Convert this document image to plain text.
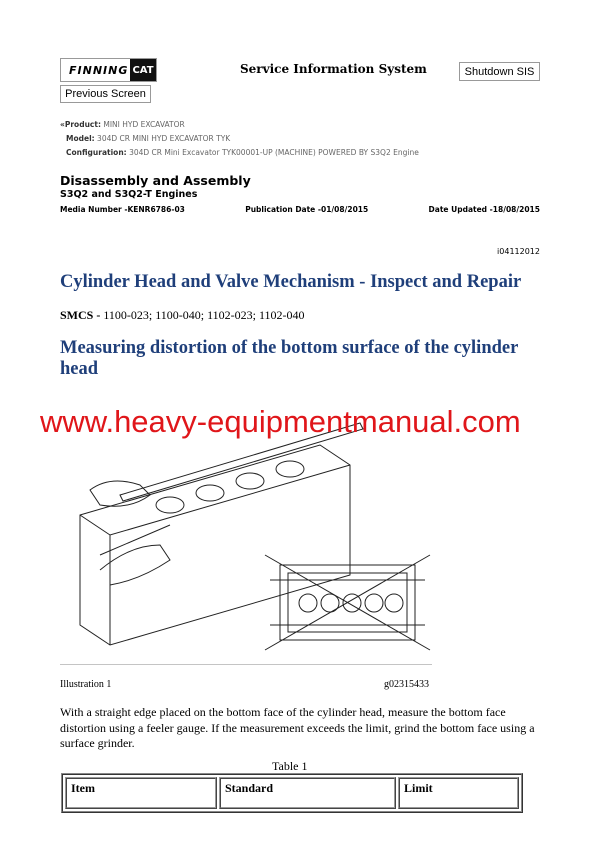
FINNING CAT	Service Information System	Shutdown SIS
Previous Screen
«Product: MINI HYD EXCAVATOR
Model: 304D CR MINI HYD EXCAVATOR TYK
Configuration: 304D CR Mini Excavator TYK00001-UP (MACHINE) POWERED BY S3Q2 Engine
Disassembly and Assembly
S3Q2 and S3Q2-T Engines
Media Number -KENR6786-03	Publication Date -01/08/2015	Date Updated -18/08/2015
i04112012
Cylinder Head and Valve Mechanism - Inspect and Repair
SMCS - 1100-023; 1100-040; 1102-023; 1102-040
Measuring distortion of the bottom surface of the cylinder head
www.heavy-equipmentmanual.com
Illustration 1	g02315433
With a straight edge placed on the bottom face of the cylinder head, measure the bottom face distortion using a feeler gauge. If the measurement exceeds the limit, grind the bottom face using a surface grinder.
Table 1
Item	Standard	Limit
